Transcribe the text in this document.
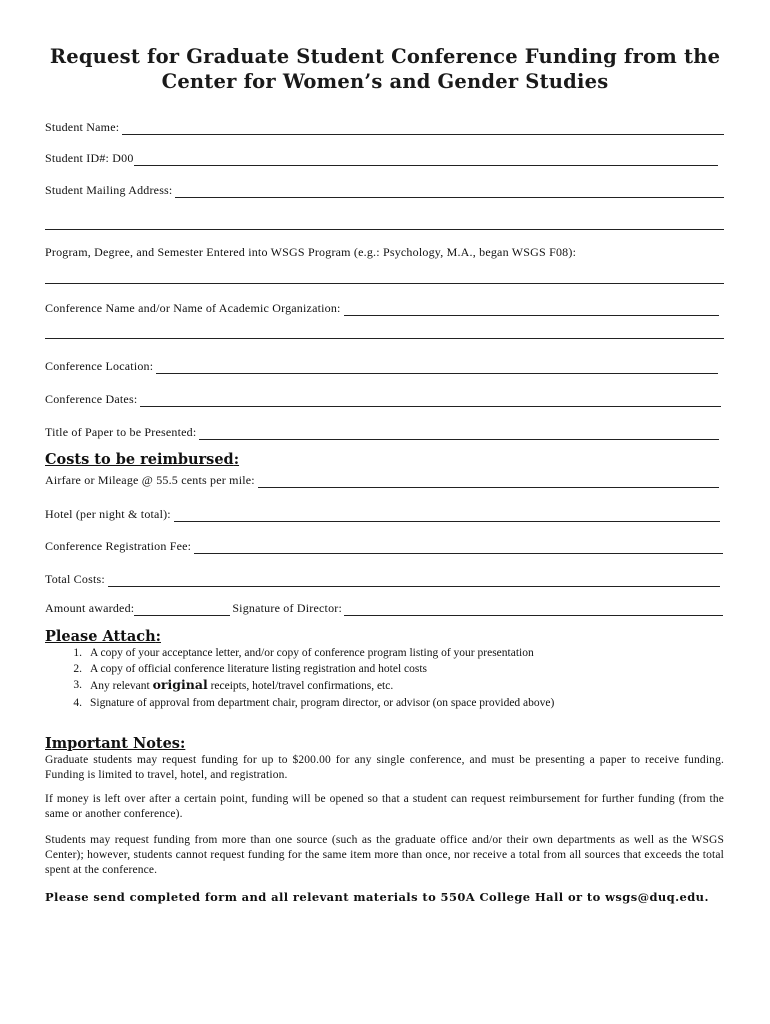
Request for Graduate Student Conference Funding from the
Center for Women’s and Gender Studies
Student Name:
Student ID#: D00
Student Mailing Address:
Program, Degree, and Semester Entered into WSGS Program (e.g.: Psychology, M.A., began WSGS F08):
Conference Name and/or Name of Academic Organization:
Conference Location:
Conference Dates:
Title of Paper to be Presented:
Costs to be reimbursed:
Airfare or Mileage @ 55.5 cents per mile:
Hotel (per night & total):
Conference Registration Fee:
Total Costs:
Amount awarded:	Signature of Director:
Please Attach:
1. A copy of your acceptance letter, and/or copy of conference program listing of your presentation
2. A copy of official conference literature listing registration and hotel costs
3. Any relevant original receipts, hotel/travel confirmations, etc.
4. Signature of approval from department chair, program director, or advisor (on space provided above)
Important Notes:
Graduate students may request funding for up to $200.00 for any single conference, and must be presenting a paper to receive funding. Funding is limited to travel, hotel, and registration.
If money is left over after a certain point, funding will be opened so that a student can request reimbursement for further funding (from the same or another conference).
Students may request funding from more than one source (such as the graduate office and/or their own departments as well as the WSGS Center); however, students cannot request funding for the same item more than once, nor receive a total from all sources that exceeds the total spent at the conference.
Please send completed form and all relevant materials to 550A College Hall or to wsgs@duq.edu.
